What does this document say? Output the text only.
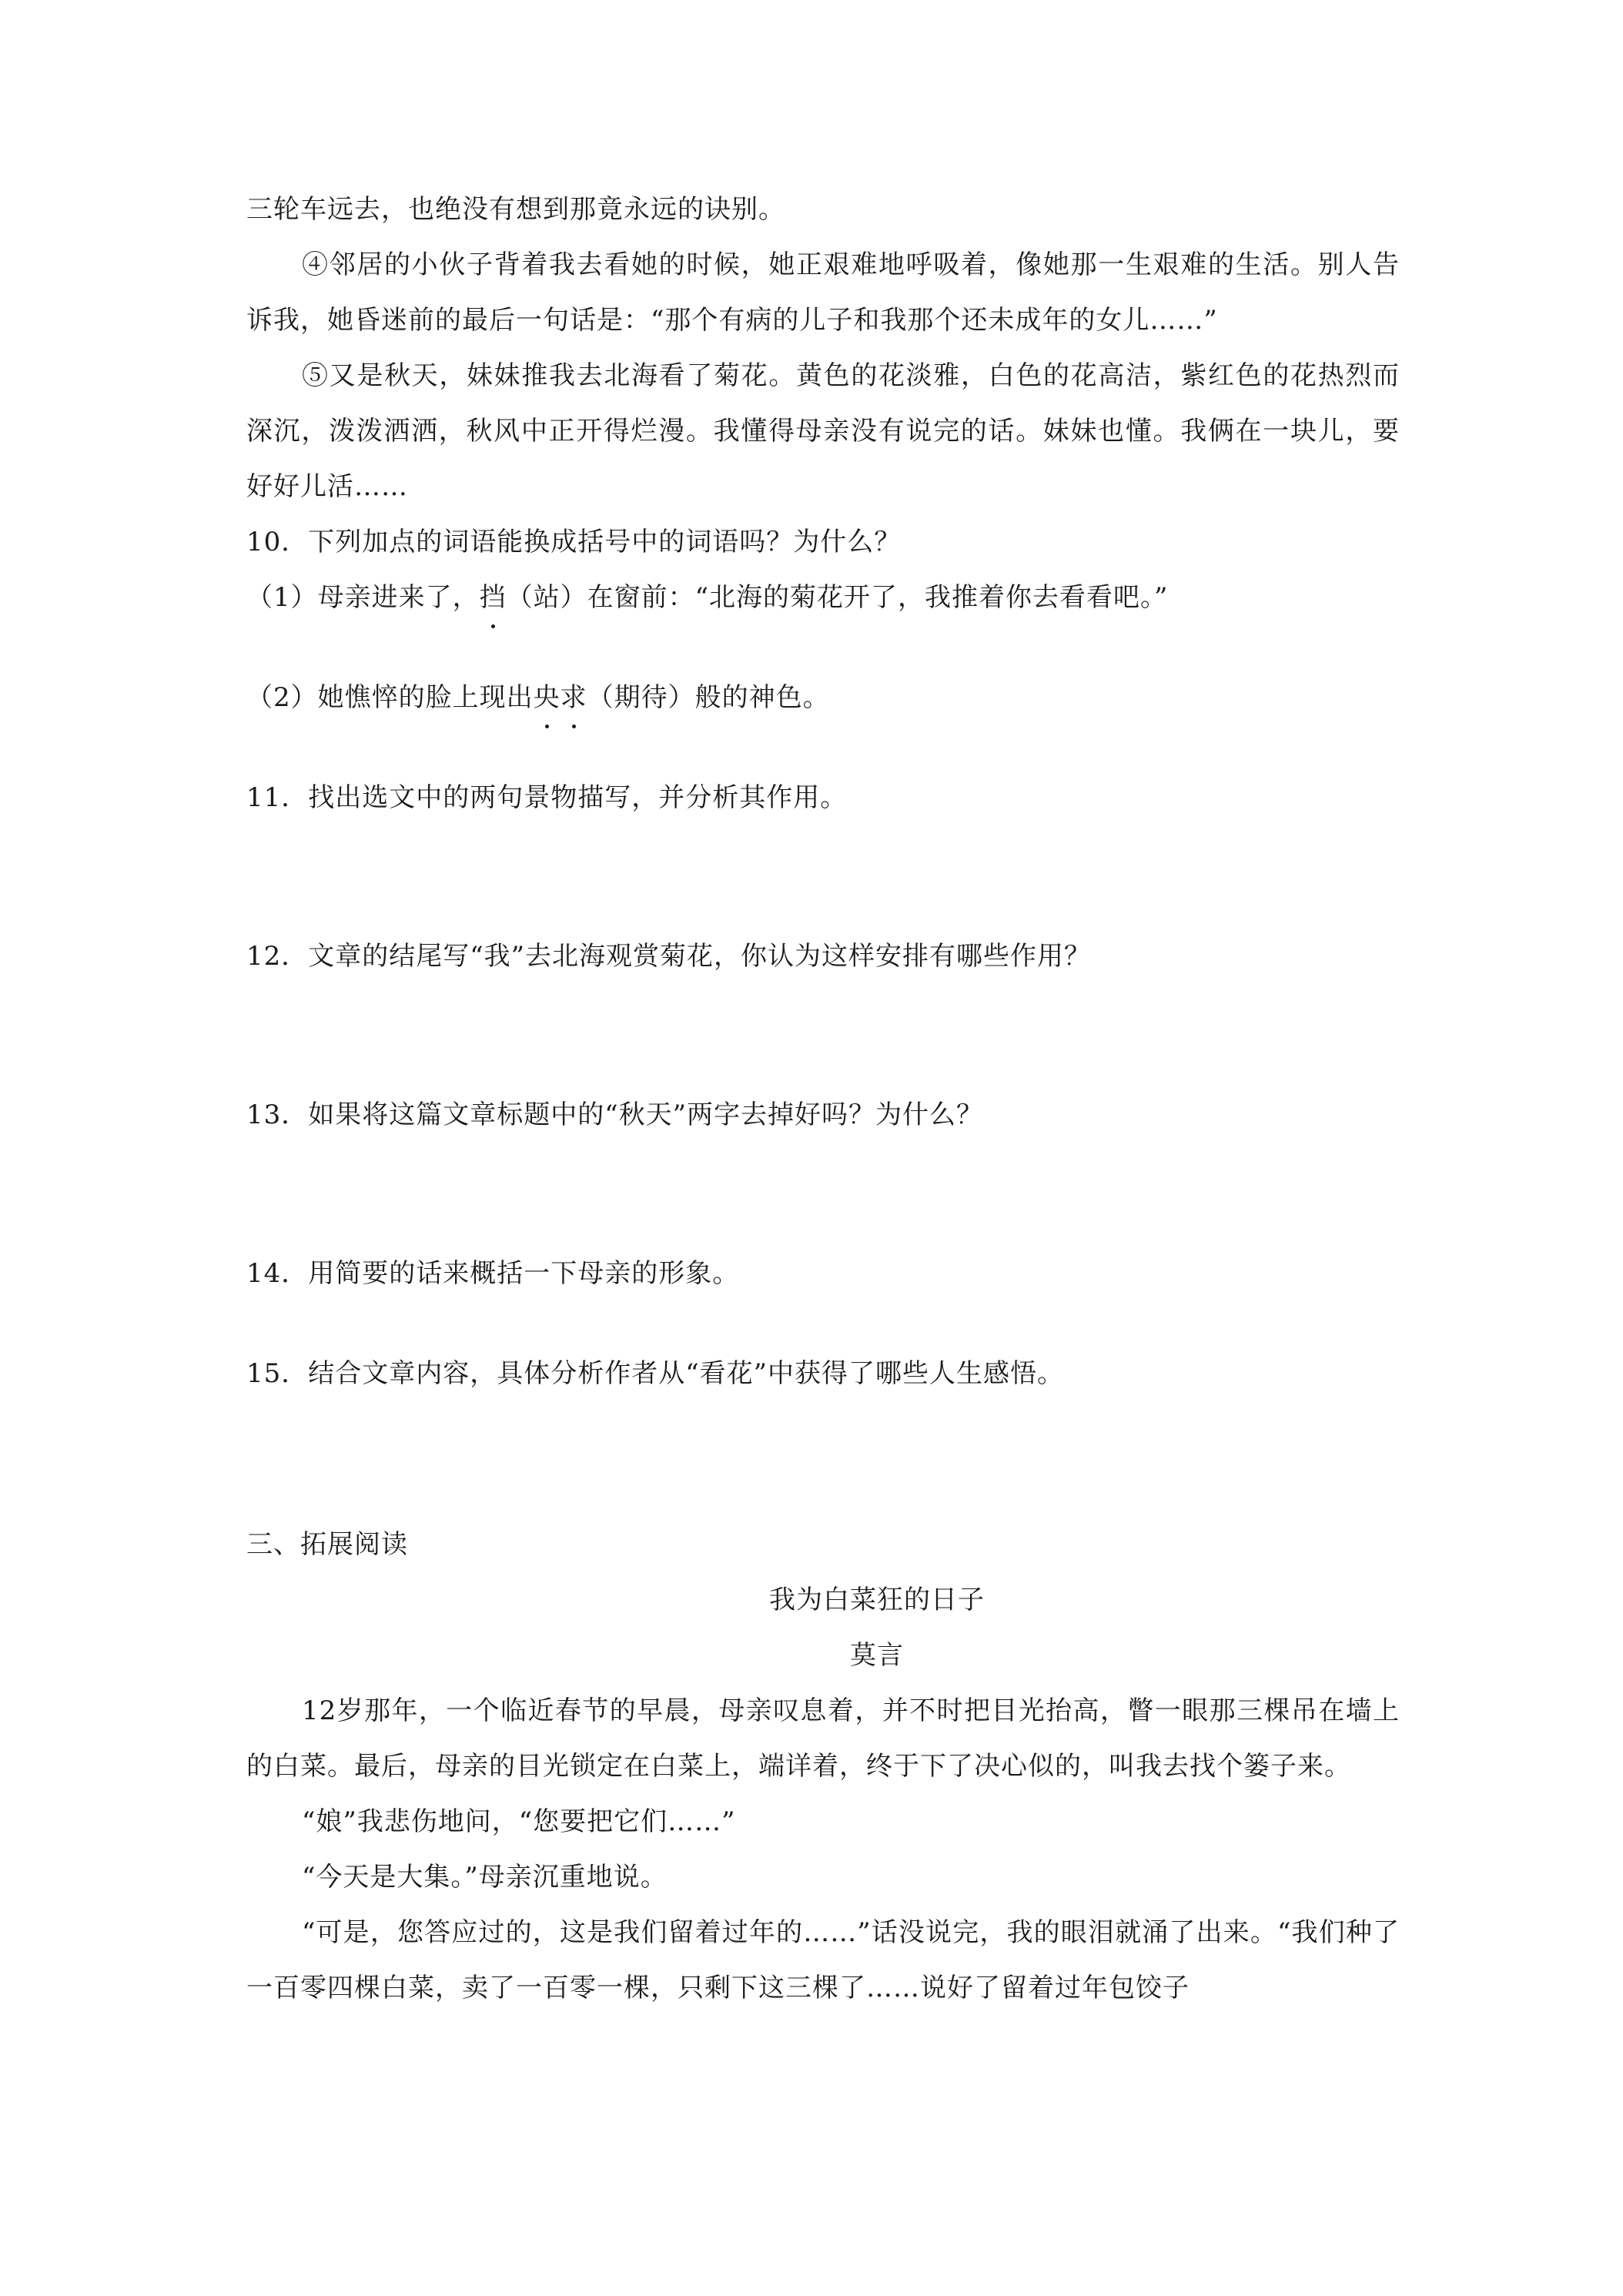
三轮车远去，也绝没有想到那竟永远的诀别。

④邻居的小伙子背着我去看她的时候，她正艰难地呼吸着，像她那一生艰难的生活。别人告诉我，她昏迷前的最后一句话是：“那个有病的儿子和我那个还未成年的女儿……”

⑤又是秋天，妹妹推我去北海看了菊花。黄色的花淡雅，白色的花高洁，紫红色的花热烈而深沉，泼泼洒洒，秋风中正开得烂漫。我懂得母亲没有说完的话。妹妹也懂。我俩在一块儿，要好好儿活……

10．下列加点的词语能换成括号中的词语吗？为什么？

（1）母亲进来了，挡（站）在窗前：“北海的菊花开了，我推着你去看看吧。”

（2）她憔悴的脸上现出央求（期待）般的神色。

11．找出选文中的两句景物描写，并分析其作用。

12．文章的结尾写“我”去北海观赏菊花，你认为这样安排有哪些作用？

13．如果将这篇文章标题中的“秋天”两字去掉好吗？为什么？

14．用简要的话来概括一下母亲的形象。

15．结合文章内容，具体分析作者从“看花”中获得了哪些人生感悟。

三、拓展阅读

我为白菜狂的日子

莫言

12岁那年，一个临近春节的早晨，母亲叹息着，并不时把目光抬高，瞥一眼那三棵吊在墙上的白菜。最后，母亲的目光锁定在白菜上，端详着，终于下了决心似的，叫我去找个篓子来。

“娘”我悲伤地问，“您要把它们……”

“今天是大集。”母亲沉重地说。

“可是，您答应过的，这是我们留着过年的……”话没说完，我的眼泪就涌了出来。“我们种了一百零四棵白菜，卖了一百零一棵，只剩下这三棵了……说好了留着过年包饺子
